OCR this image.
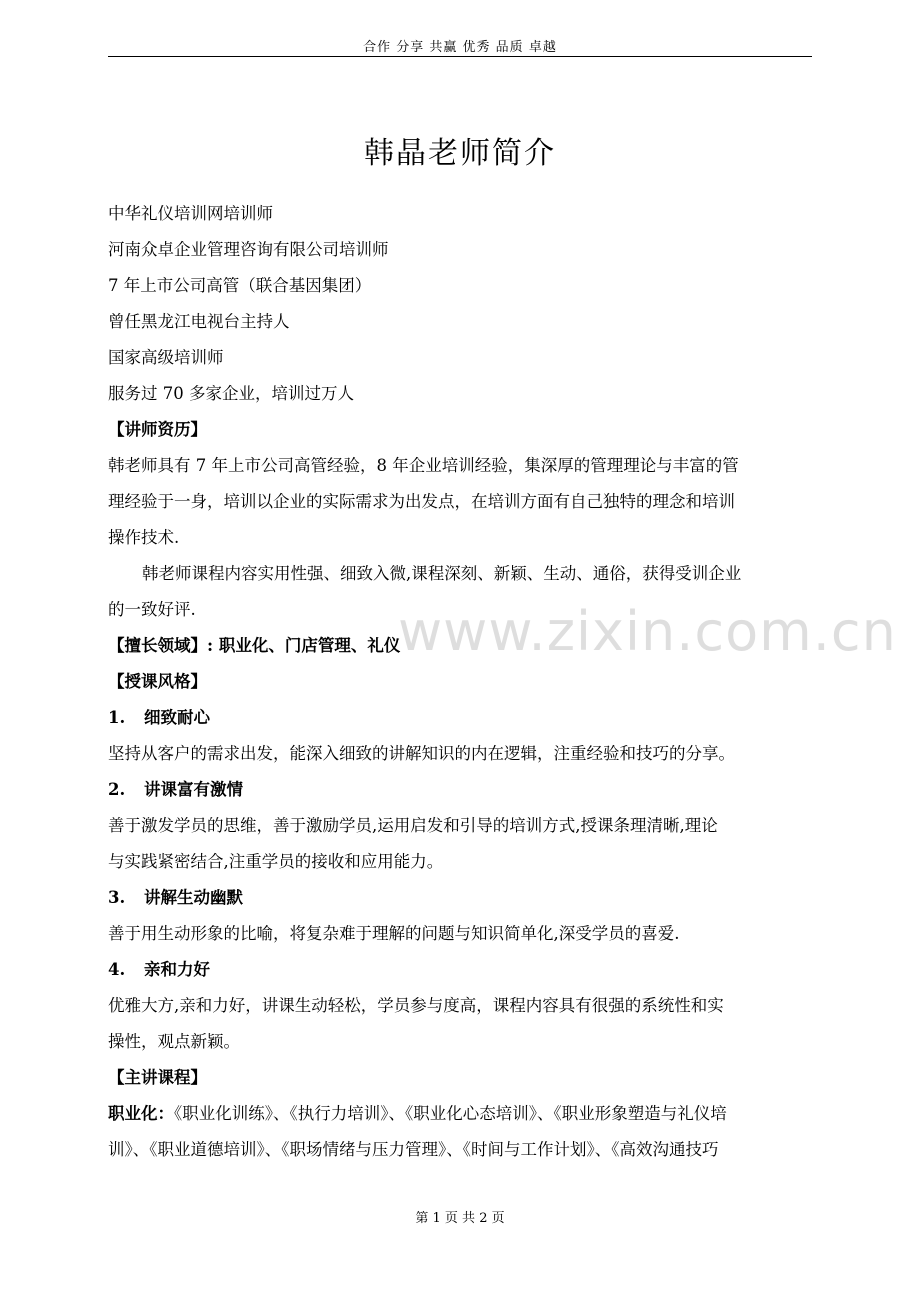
合作 分享 共赢 优秀 品质 卓越
韩晶老师简介
中华礼仪培训网培训师
河南众卓企业管理咨询有限公司培训师
7 年上市公司高管（联合基因集团）
曾任黑龙江电视台主持人
国家高级培训师
服务过 70 多家企业，培训过万人
【讲师资历】
韩老师具有 7 年上市公司高管经验，8 年企业培训经验，集深厚的管理理论与丰富的管
理经验于一身，培训以企业的实际需求为出发点，在培训方面有自己独特的理念和培训
操作技术.
韩老师课程内容实用性强、细致入微,课程深刻、新颖、生动、通俗，获得受训企业
的一致好评.
【擅长领域】: 职业化、门店管理、礼仪
【授课风格】
1. 细致耐心
坚持从客户的需求出发，能深入细致的讲解知识的内在逻辑，注重经验和技巧的分享。
2. 讲课富有激情
善于激发学员的思维，善于激励学员,运用启发和引导的培训方式,授课条理清晰,理论
与实践紧密结合,注重学员的接收和应用能力。
3. 讲解生动幽默
善于用生动形象的比喻，将复杂难于理解的问题与知识简单化,深受学员的喜爱.
4. 亲和力好
优雅大方,亲和力好，讲课生动轻松，学员参与度高，课程内容具有很强的系统性和实
操性，观点新颖。
【主讲课程】
职业化：《职业化训练》、《执行力培训》、《职业化心态培训》、《职业形象塑造与礼仪培
训》、《职业道德培训》、《职场情绪与压力管理》、《时间与工作计划》、《高效沟通技巧
www.zixin.com.cn
第 1 页 共 2 页
